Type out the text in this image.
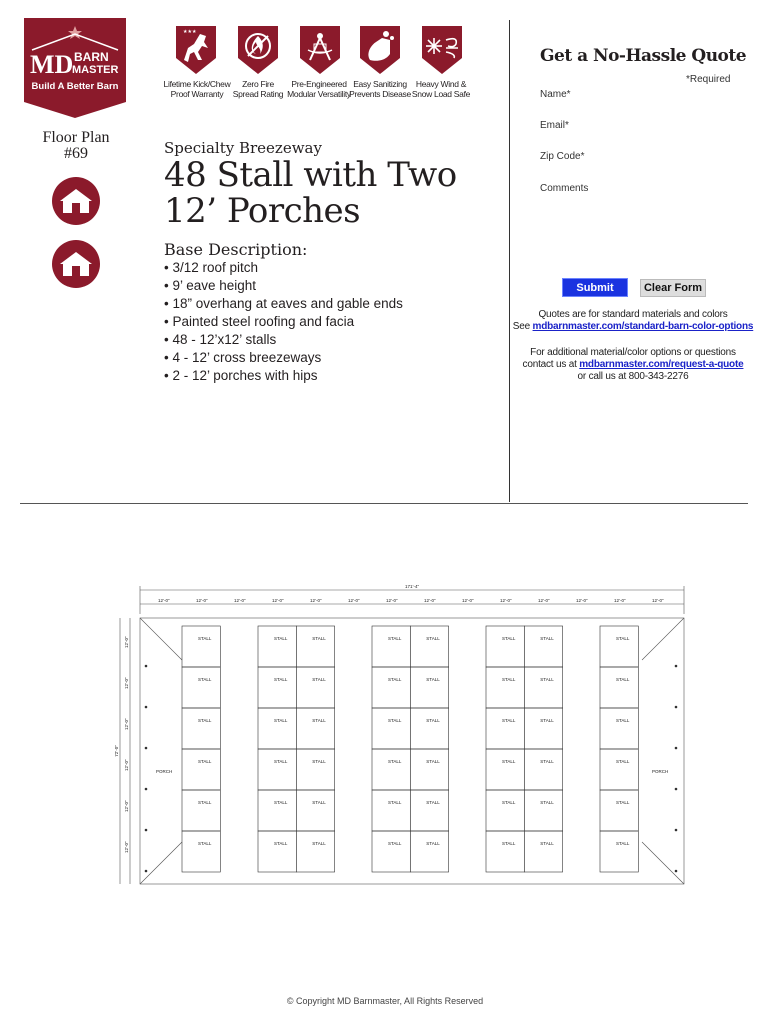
MD BARN
MASTER
Build A Better Barn
★★★
Lifetime Kick/Chew
Proof Warranty
Zero Fire
Spread Rating
Pre-Engineered
Modular Versatility
Easy Sanitizing
Prevents Disease
Heavy Wind &
Snow Load Safe
Floor Plan
#69	Specialty Breezeway
48 Stall with Two 12’ Porches
Base Description:
• 3/12 roof pitch
• 9’ eave height
• 18” overhang at eaves and gable ends
• Painted steel roofing and facia
• 48 - 12’x12’ stalls
• 4 - 12’ cross breezeways
• 2 - 12’ porches with hips
Get a No-Hassle Quote
*Required
Name*
Email*
Zip Code*
Comments
Submit	Clear Form
Quotes are for standard materials and colors
See mdbarnmaster.com/standard-barn-color-options
For additional material/color options or questions
contact us at mdbarnmaster.com/request-a-quote
or call us at 800-343-2276
STALL
STALL
STALL
STALL
STALL
STALL
STALL
STALL
STALL
STALL
STALL
STALL
STALL
STALL
STALL
STALL
STALL
STALL
STALL
STALL
STALL
STALL
STALL
STALL
STALL
STALL
STALL
STALL
STALL
STALL
STALL
STALL
STALL
STALL
STALL
STALL
STALL
STALL
STALL
STALL
STALL
STALL
STALL
STALL
STALL
STALL
STALL
STALL
12’-0”	12’-0”	12’-0”	12’-0”	12’-0”	12’-0”	12’-0”	12’-0”	12’-0”	12’-0”	12’-0”	12’-0”	12’-0”	12’-0”
12’-0”
12’-0”
12’-0”
12’-0”
12’-0”
12’-0”
171’-4”
72’-0”
PORCH	PORCH
© Copyright MD Barnmaster, All Rights Reserved
